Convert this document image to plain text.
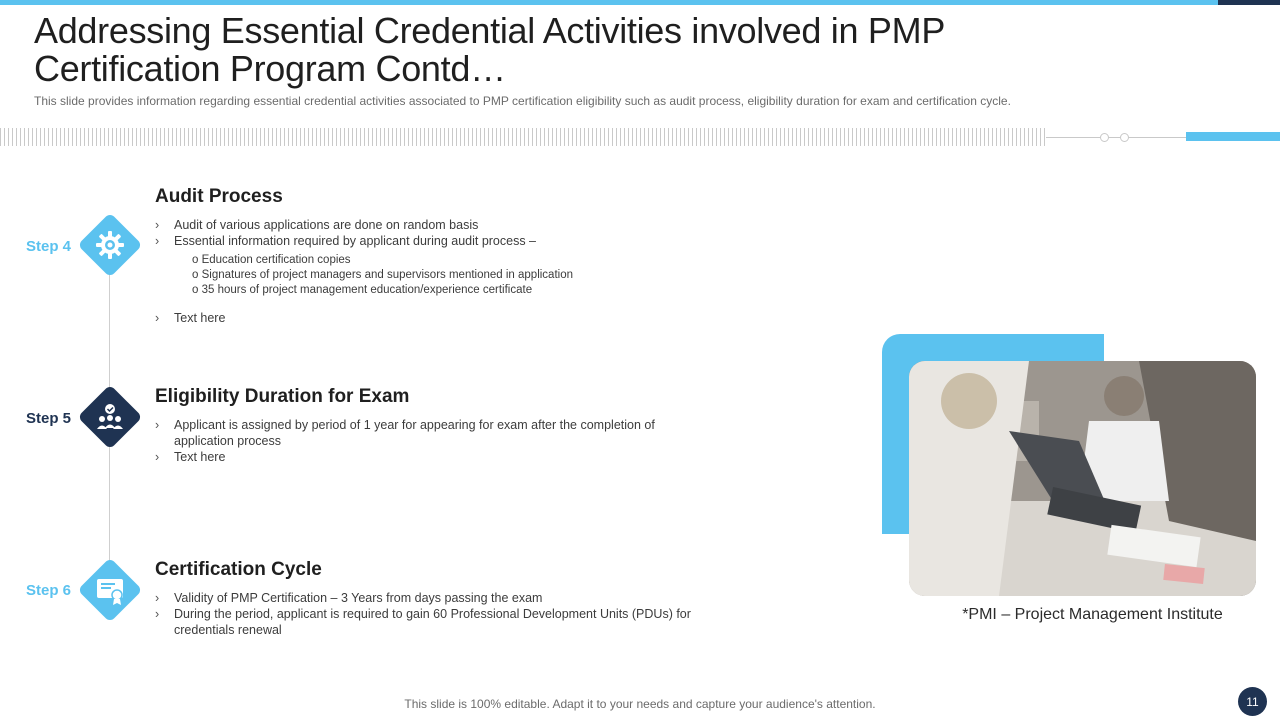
Addressing Essential Credential Activities involved in PMP Certification Program Contd…
This slide provides information regarding essential credential activities associated to PMP certification eligibility such as audit process, eligibility duration for exam and certification cycle.
Step 4
Audit Process
› Audit of various applications are done on random basis
› Essential information required by applicant during audit process –
o Education certification copies
o Signatures of project managers and supervisors mentioned in application
o 35 hours of project management education/experience certificate
› Text here
Step 5
Eligibility Duration for Exam
› Applicant is assigned by period of 1 year for appearing for exam after the completion of application process
› Text here
Step 6
Certification Cycle
› Validity of PMP Certification – 3 Years from days passing the exam
› During the period, applicant is required to gain 60 Professional Development Units (PDUs) for credentials renewal
*PMI – Project Management Institute
This slide is 100% editable. Adapt it to your needs and capture your audience's attention.	11
